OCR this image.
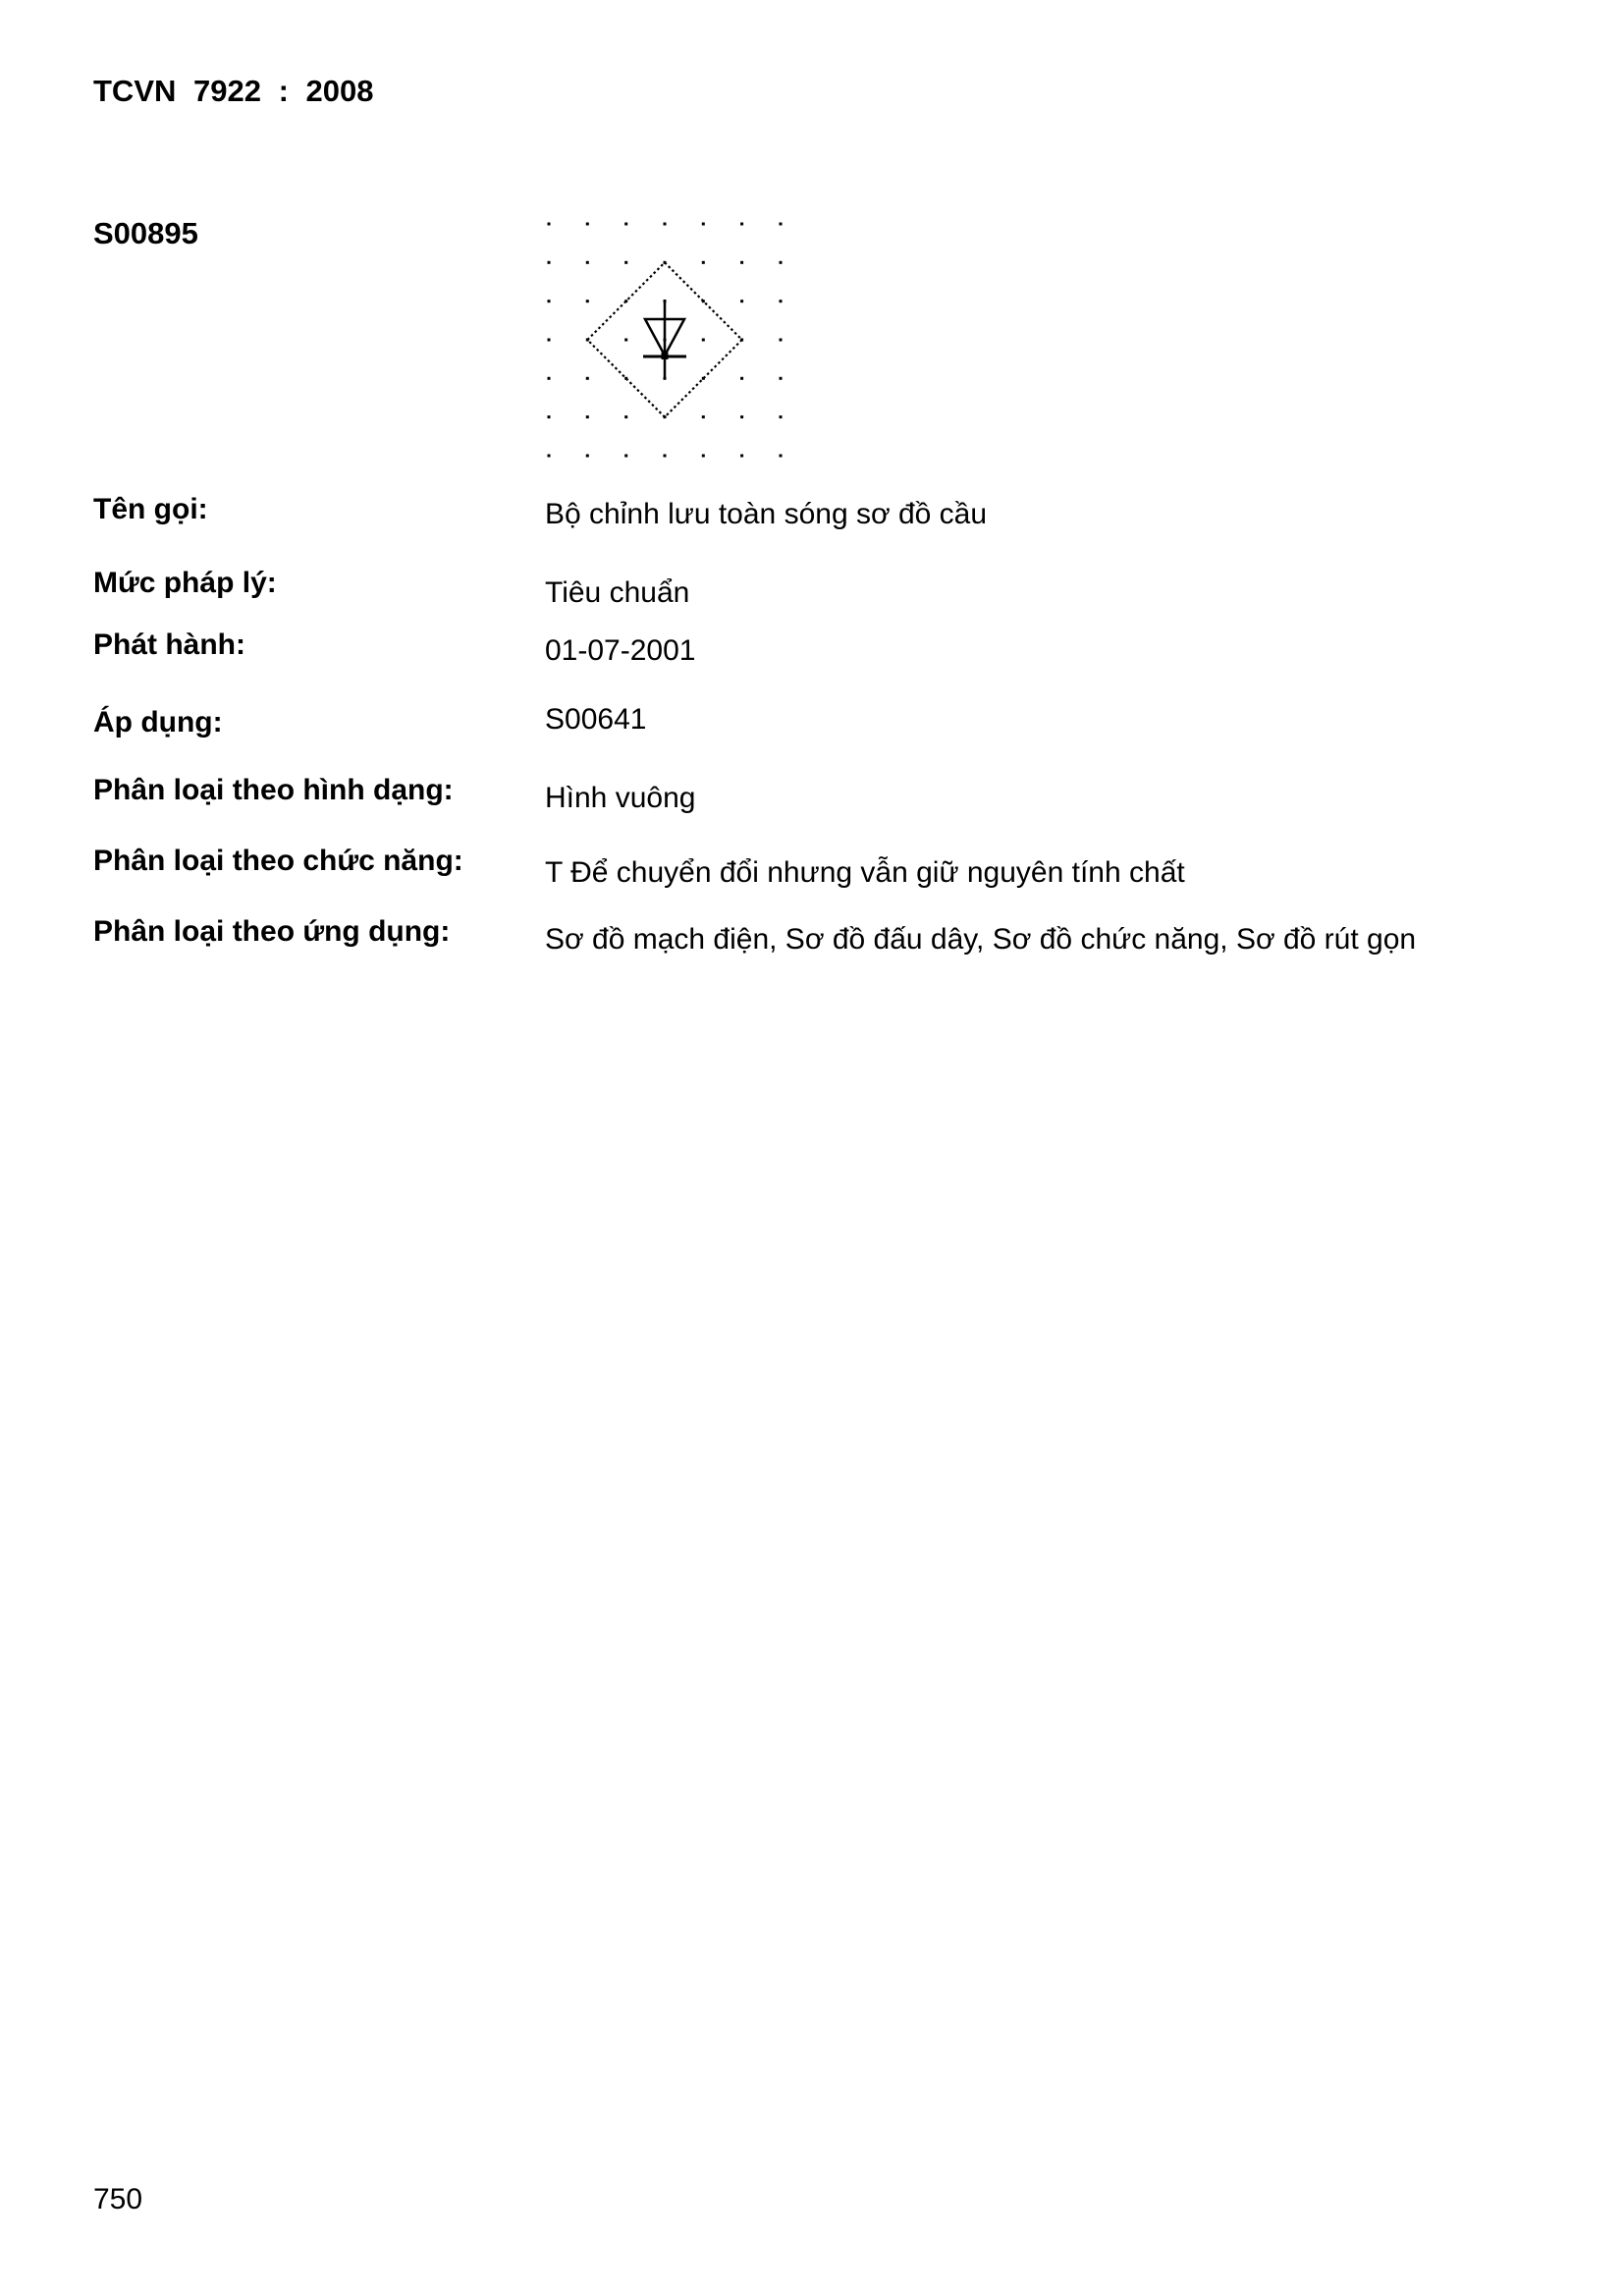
TCVN 7922 : 2008
S00895
Tên gọi:	Bộ chỉnh lưu toàn sóng sơ đồ cầu
Mức pháp lý:	Tiêu chuẩn
Phát hành:	01-07-2001
Áp dụng:	S00641
Phân loại theo hình dạng:	Hình vuông
Phân loại theo chức năng:	T Để chuyển đổi nhưng vẫn giữ nguyên tính chất
Phân loại theo ứng dụng:	Sơ đồ mạch điện, Sơ đồ đấu dây, Sơ đồ chức năng, Sơ đồ rút gọn
750
